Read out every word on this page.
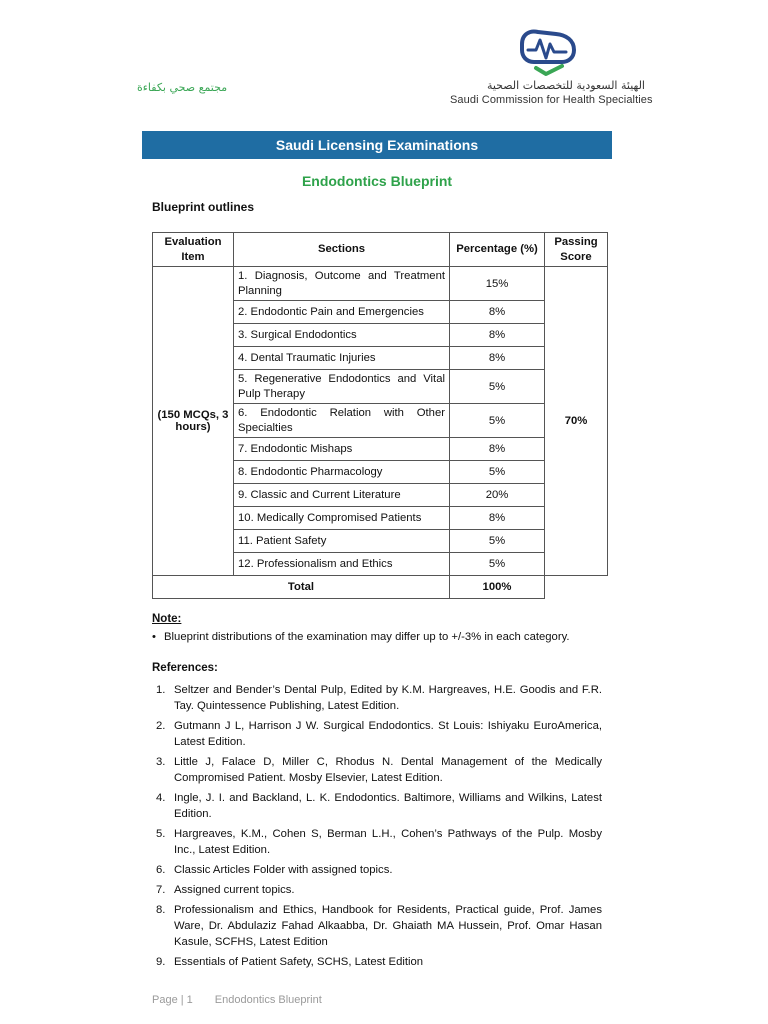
مجتمع صحي بكفاءة	الهيئة السعودية للتخصصات الصحية
Saudi Commission for Health Specialties
Saudi Licensing Examinations
Endodontics Blueprint
Blueprint outlines
Evaluation Item	Sections	Percentage (%)	Passing Score
(150 MCQs, 3 hours)	1. Diagnosis, Outcome and Treatment Planning	15%	70%
	2. Endodontic Pain and Emergencies	8%	
	3. Surgical Endodontics	8%	
	4. Dental Traumatic Injuries	8%	
	5. Regenerative Endodontics and Vital Pulp Therapy	5%	
	6. Endodontic Relation with Other Specialties	5%	
	7. Endodontic Mishaps	8%	
	8. Endodontic Pharmacology	5%	
	9. Classic and Current Literature	20%	
	10. Medically Compromised Patients	8%	
	11. Patient Safety	5%	
	12. Professionalism and Ethics	5%	
Total		100%	
Note:
• Blueprint distributions of the examination may differ up to +/-3% in each category.
References:
1. Seltzer and Bender’s Dental Pulp, Edited by K.M. Hargreaves, H.E. Goodis and F.R. Tay. Quintessence Publishing, Latest Edition.
2. Gutmann J L, Harrison J W. Surgical Endodontics. St Louis: Ishiyaku EuroAmerica, Latest Edition.
3. Little J, Falace D, Miller C, Rhodus N. Dental Management of the Medically Compromised Patient. Mosby Elsevier, Latest Edition.
4. Ingle, J. I. and Backland, L. K. Endodontics. Baltimore, Williams and Wilkins, Latest Edition.
5. Hargreaves, K.M., Cohen S, Berman L.H., Cohen’s Pathways of the Pulp. Mosby Inc., Latest Edition.
6. Classic Articles Folder with assigned topics.
7. Assigned current topics.
8. Professionalism and Ethics, Handbook for Residents, Practical guide, Prof. James Ware, Dr. Abdulaziz Fahad Alkaabba, Dr. Ghaiath MA Hussein, Prof. Omar Hasan Kasule, SCFHS, Latest Edition
9. Essentials of Patient Safety, SCHS, Latest Edition
Page | 1 Endodontics Blueprint
